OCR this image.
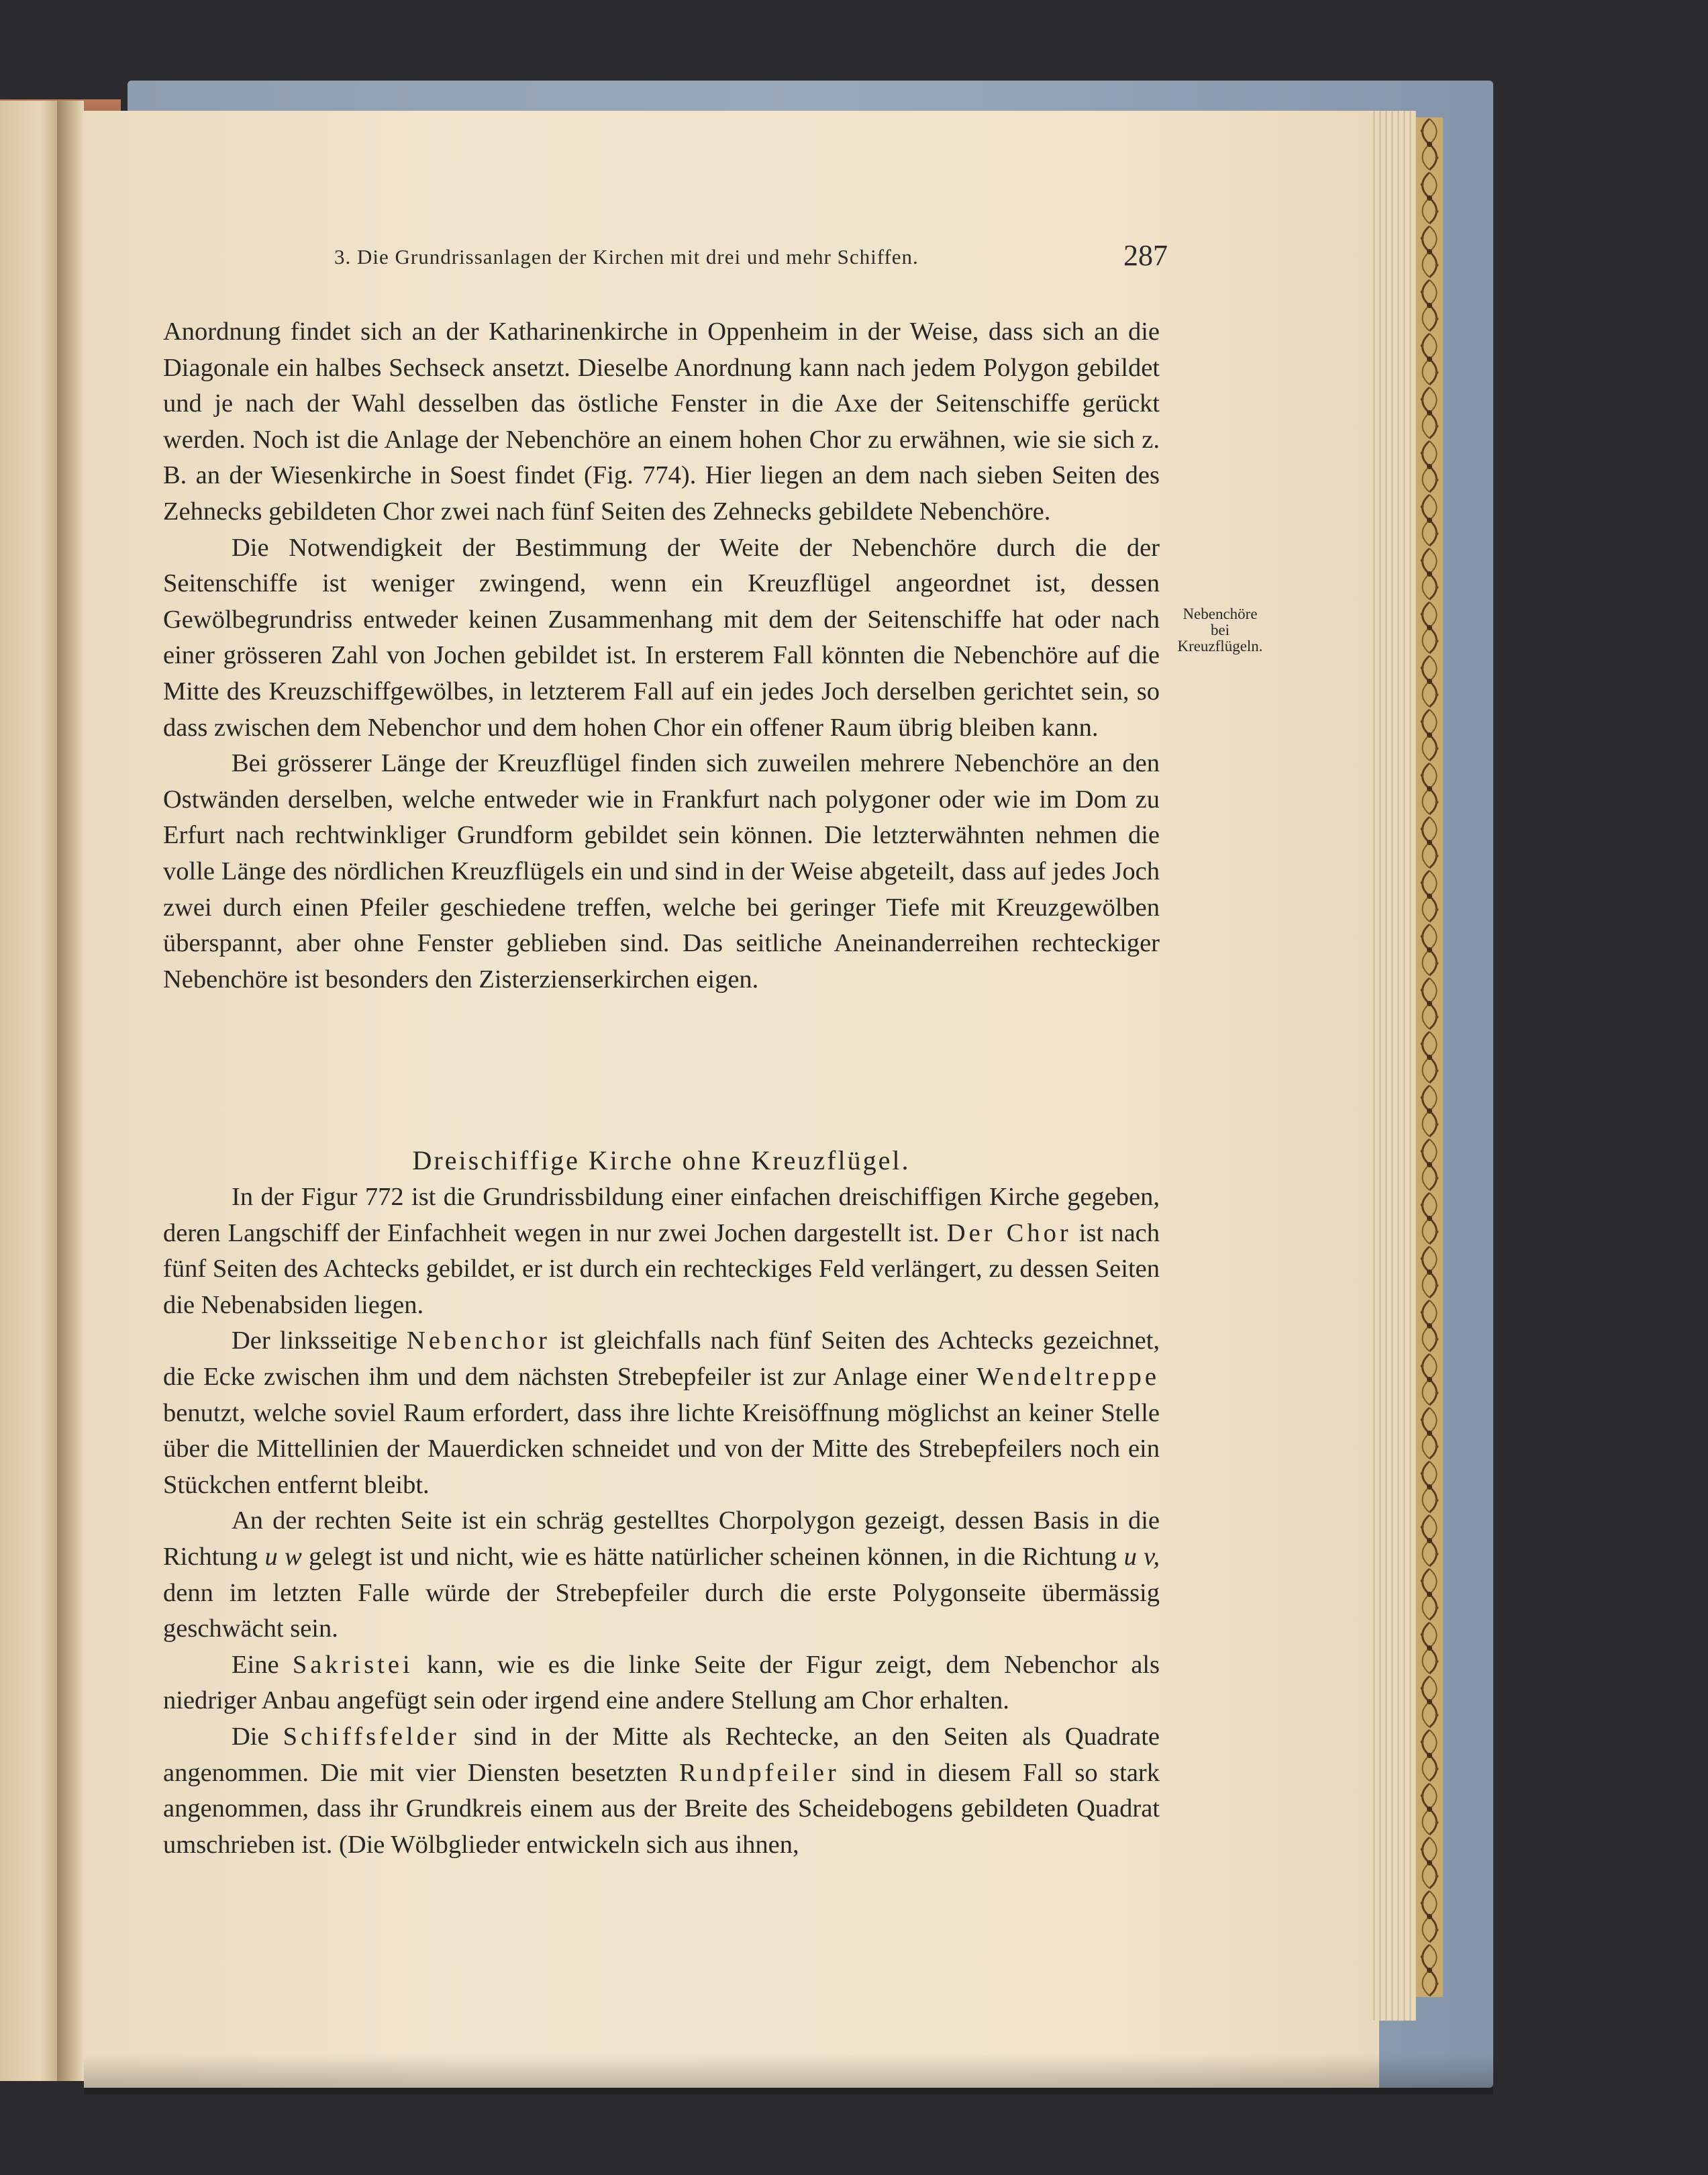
3. Die Grundrissanlagen der Kirchen mit drei und mehr Schiffen.	287

Anordnung findet sich an der Katharinenkirche in Oppenheim in der Weise, dass sich an die Diagonale ein halbes Sechseck ansetzt. Dieselbe Anordnung kann nach jedem Polygon gebildet und je nach der Wahl desselben das östliche Fenster in die Axe der Seitenschiffe gerückt werden. Noch ist die Anlage der Nebenchöre an einem hohen Chor zu erwähnen, wie sie sich z. B. an der Wiesenkirche in Soest findet (Fig. 774). Hier liegen an dem nach sieben Seiten des Zehnecks gebildeten Chor zwei nach fünf Seiten des Zehnecks gebildete Nebenchöre.

Die Notwendigkeit der Bestimmung der Weite der Nebenchöre durch die der Seitenschiffe ist weniger zwingend, wenn ein Kreuzflügel angeordnet ist, dessen Gewölbegrundriss entweder keinen Zusammenhang mit dem der Seitenschiffe hat oder nach einer grösseren Zahl von Jochen gebildet ist. In ersterem Fall könnten die Nebenchöre auf die Mitte des Kreuzschiffgewölbes, in letzterem Fall auf ein jedes Joch derselben gerichtet sein, so dass zwischen dem Nebenchor und dem hohen Chor ein offener Raum übrig bleiben kann.

Bei grösserer Länge der Kreuzflügel finden sich zuweilen mehrere Nebenchöre an den Ostwänden derselben, welche entweder wie in Frankfurt nach polygoner oder wie im Dom zu Erfurt nach rechtwinkliger Grundform gebildet sein können. Die letzterwähnten nehmen die volle Länge des nördlichen Kreuzflügels ein und sind in der Weise abgeteilt, dass auf jedes Joch zwei durch einen Pfeiler geschiedene treffen, welche bei geringer Tiefe mit Kreuzgewölben überspannt, aber ohne Fenster geblieben sind. Das seitliche Aneinanderreihen rechteckiger Nebenchöre ist besonders den Zisterzienserkirchen eigen.

Nebenchöre
bei
Kreuzflügeln.
Dreischiffige Kirche ohne Kreuzflügel.

In der Figur 772 ist die Grundrissbildung einer einfachen dreischiffigen Kirche gegeben, deren Langschiff der Einfachheit wegen in nur zwei Jochen dargestellt ist. Der Chor ist nach fünf Seiten des Achtecks gebildet, er ist durch ein rechteckiges Feld verlängert, zu dessen Seiten die Nebenabsiden liegen.

Der linksseitige Nebenchor ist gleichfalls nach fünf Seiten des Achtecks gezeichnet, die Ecke zwischen ihm und dem nächsten Strebepfeiler ist zur Anlage einer Wendeltreppe benutzt, welche soviel Raum erfordert, dass ihre lichte Kreisöffnung möglichst an keiner Stelle über die Mittellinien der Mauerdicken schneidet und von der Mitte des Strebepfeilers noch ein Stückchen entfernt bleibt.

An der rechten Seite ist ein schräg gestelltes Chorpolygon gezeigt, dessen Basis in die Richtung u w gelegt ist und nicht, wie es hätte natürlicher scheinen können, in die Richtung u v, denn im letzten Falle würde der Strebepfeiler durch die erste Polygonseite übermässig geschwächt sein.

Eine Sakristei kann, wie es die linke Seite der Figur zeigt, dem Nebenchor als niedriger Anbau angefügt sein oder irgend eine andere Stellung am Chor erhalten.

Die Schiffsfelder sind in der Mitte als Rechtecke, an den Seiten als Quadrate angenommen. Die mit vier Diensten besetzten Rundpfeiler sind in diesem Fall so stark angenommen, dass ihr Grundkreis einem aus der Breite des Scheidebogens gebildeten Quadrat umschrieben ist. (Die Wölbglieder entwickeln sich aus ihnen,
